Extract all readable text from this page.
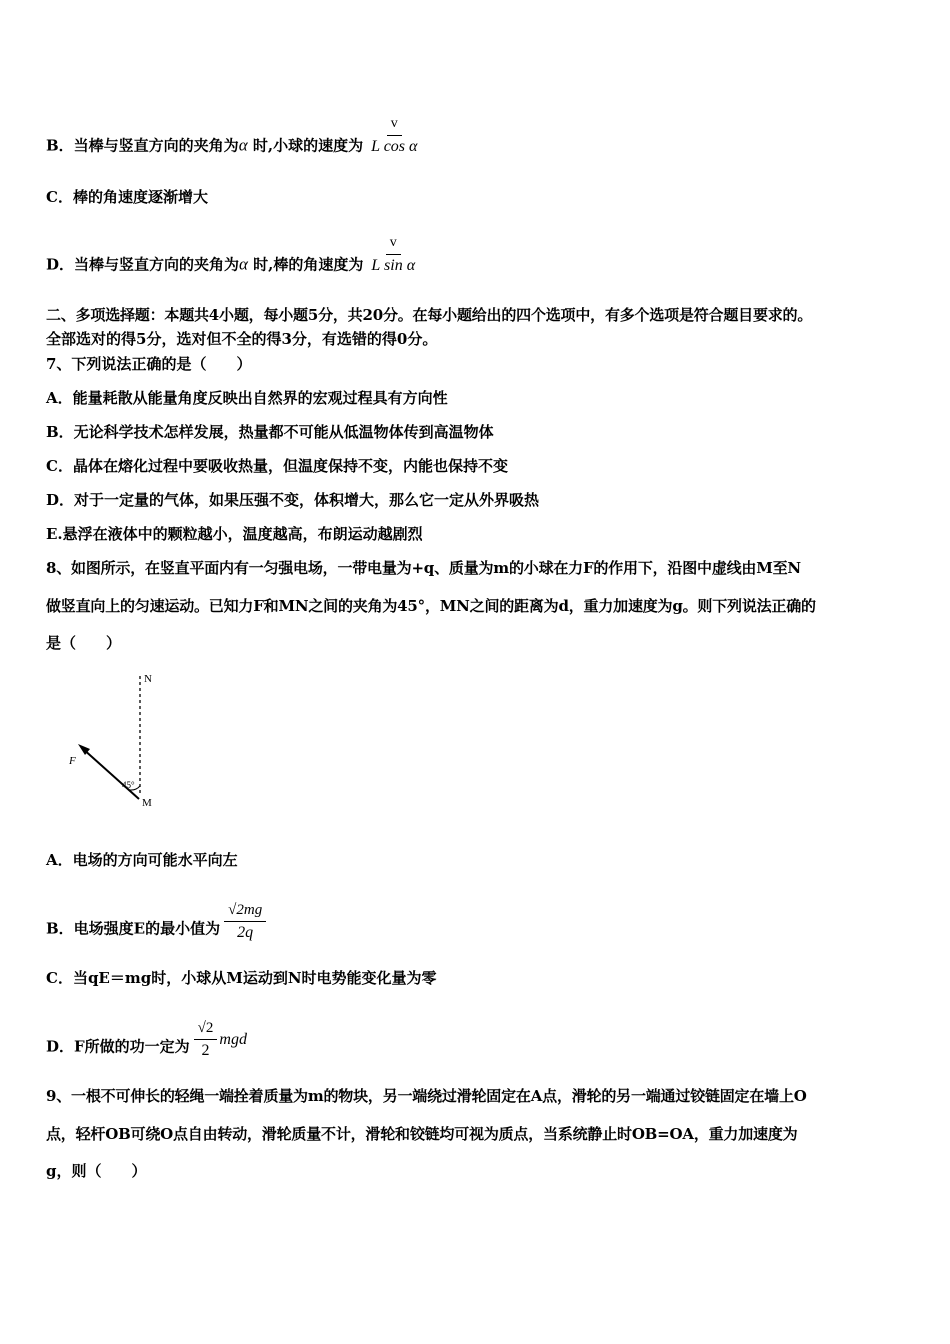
B．当棒与竖直方向的夹角为α 时,小球的速度为 $\frac{v}{\text{L cos α}}$
C．棒的角速度逐渐增大
D．当棒与竖直方向的夹角为α 时,棒的角速度为 $\frac{v}{\text{L sin α}}$
二、多项选择题：本题共4小题，每小题5分，共20分。在每小题给出的四个选项中，有多个选项是符合题目要求的。
全部选对的得5分，选对但不全的得3分，有选错的得0分。
7、下列说法正确的是（　　）
A．能量耗散从能量角度反映出自然界的宏观过程具有方向性
B．无论科学技术怎样发展，热量都不可能从低温物体传到高温物体
C．晶体在熔化过程中要吸收热量，但温度保持不变，内能也保持不变
D．对于一定量的气体，如果压强不变，体积增大，那么它一定从外界吸热
E.悬浮在液体中的颗粒越小，温度越高，布朗运动越剧烈
8、如图所示，在竖直平面内有一匀强电场，一带电量为+q、质量为m的小球在力F的作用下，沿图中虚线由M至N
做竖直向上的匀速运动。已知力F和MN之间的夹角为45°，MN之间的距离为d，重力加速度为g。则下列说法正确的
是（　　）
N
F
45°
M
A．电场的方向可能水平向左
B．电场强度E的最小值为 $\frac{√2mg}{2q}$
C．当qE＝mg时，小球从M运动到N时电势能变化量为零
D．F所做的功一定为 $\frac{√2}{2}$ mgd
9、一根不可伸长的轻绳一端拴着质量为m的物块，另一端绕过滑轮固定在A点，滑轮的另一端通过铰链固定在墙上O
点，轻杆OB可绕O点自由转动，滑轮质量不计，滑轮和铰链均可视为质点，当系统静止时OB=OA，重力加速度为
g，则（　　）
